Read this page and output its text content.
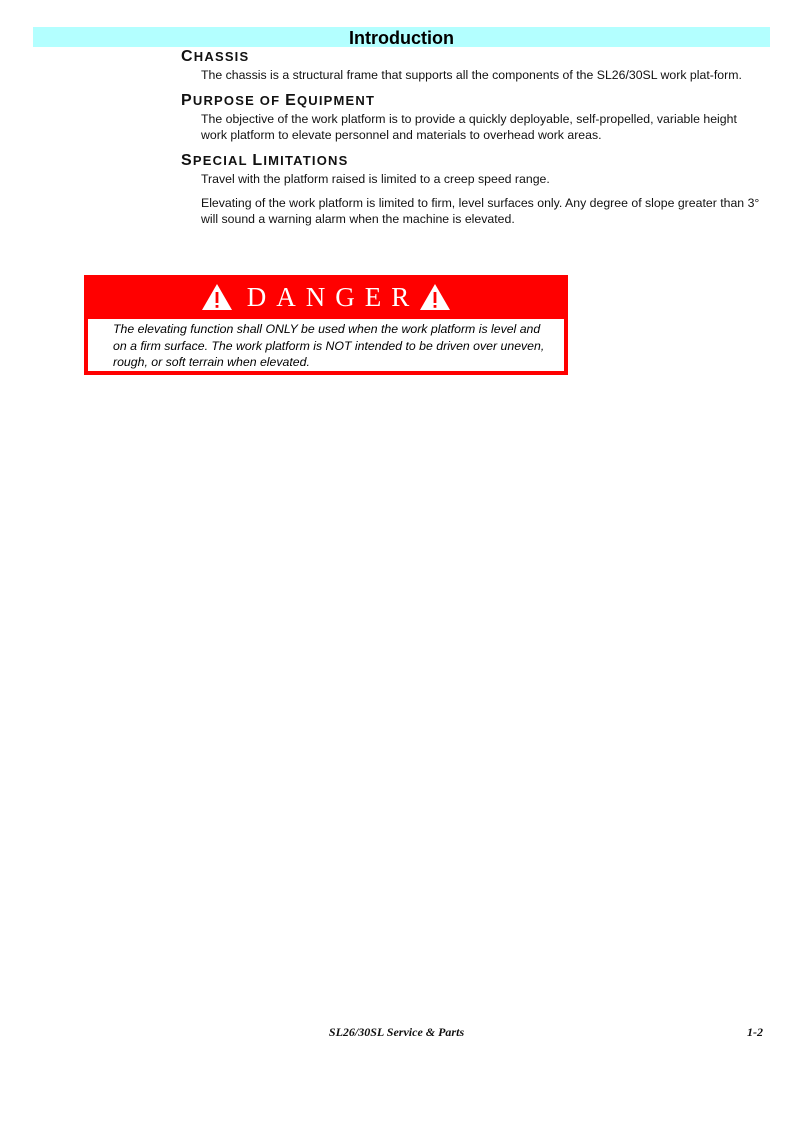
Introduction
CHASSIS

The chassis is a structural frame that supports all the components of the SL26/30SL work plat-form.

PURPOSE OF EQUIPMENT

The objective of the work platform is to provide a quickly deployable, self-propelled, variable height work platform to elevate personnel and materials to overhead work areas.

SPECIAL LIMITATIONS

Travel with the platform raised is limited to a creep speed range.

Elevating of the work platform is limited to firm, level surfaces only. Any degree of slope greater than 3° will sound a warning alarm when the machine is elevated.

DANGER
The elevating function shall ONLY be used when the work platform is level and on a firm surface. The work platform is NOT intended to be driven over uneven, rough, or soft terrain when elevated.
SL26/30SL Service & Parts	1-2
